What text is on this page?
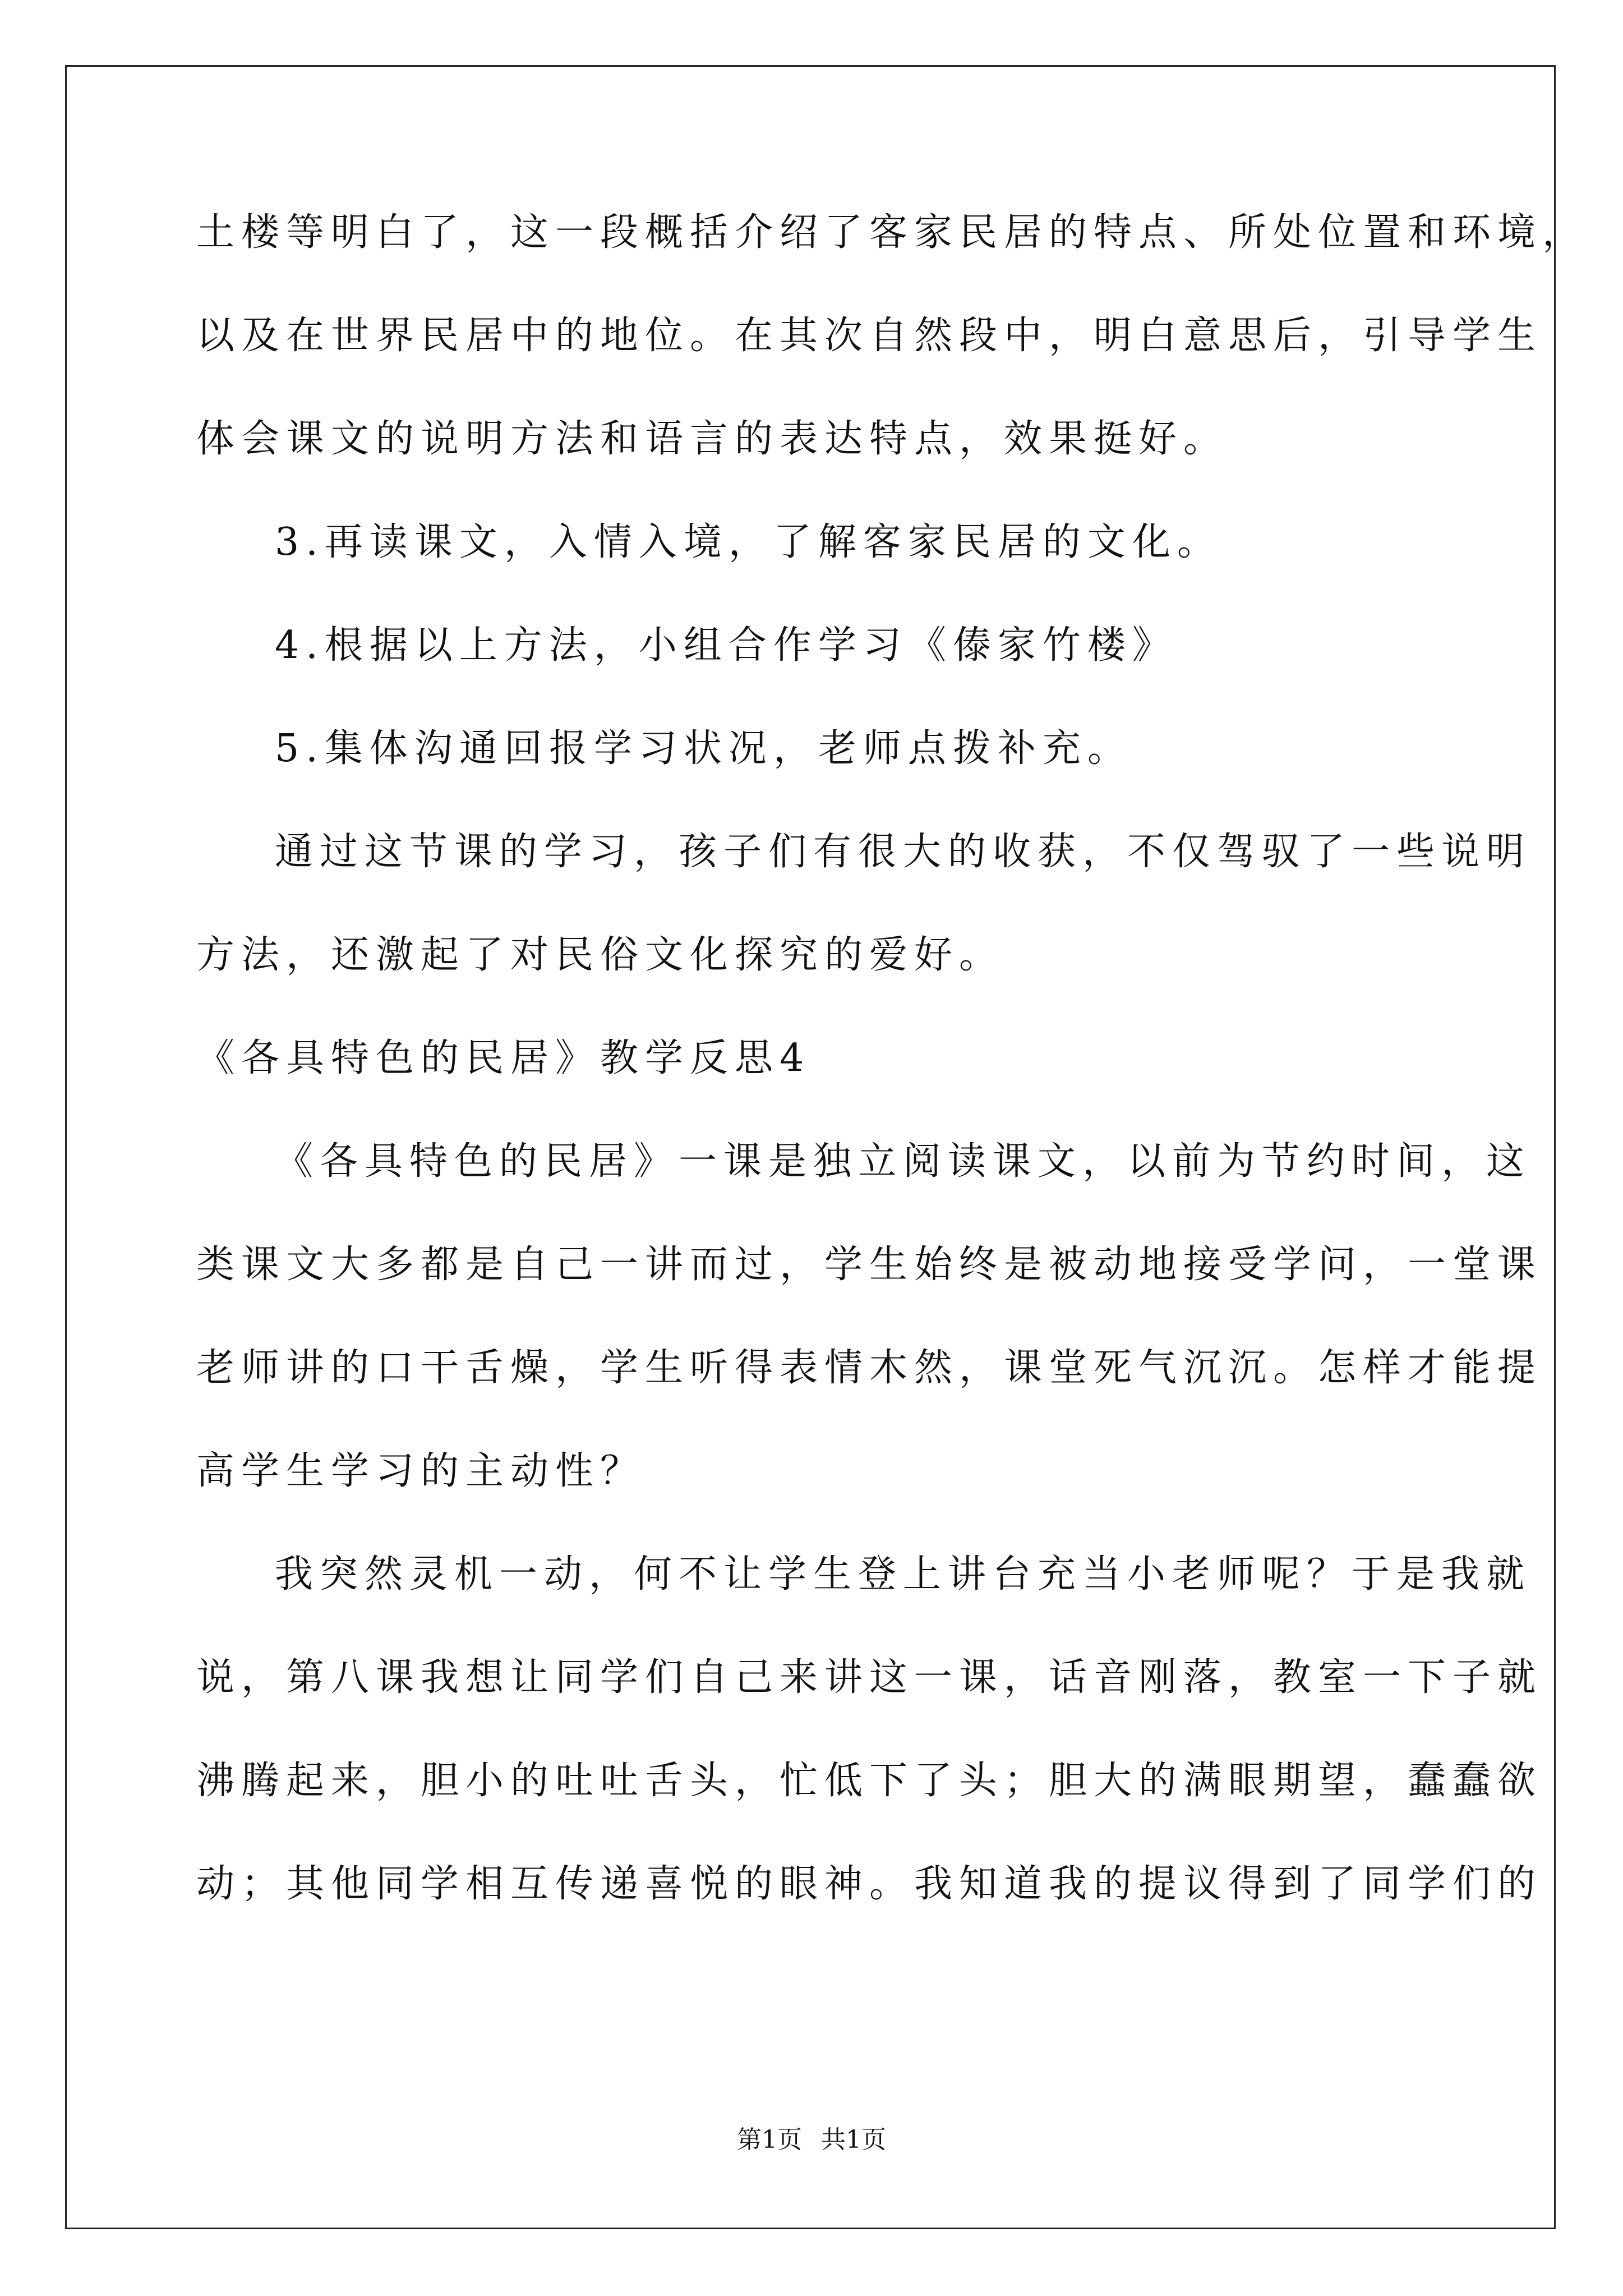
土楼等明白了，这一段概括介绍了客家民居的特点、所处位置和环境，
以及在世界民居中的地位。在其次自然段中，明白意思后，引导学生
体会课文的说明方法和语言的表达特点，效果挺好。
3.再读课文，入情入境，了解客家民居的文化。
4.根据以上方法，小组合作学习《傣家竹楼》
5.集体沟通回报学习状况，老师点拨补充。
通过这节课的学习，孩子们有很大的收获，不仅驾驭了一些说明
方法，还激起了对民俗文化探究的爱好。
《各具特色的民居》教学反思4
《各具特色的民居》一课是独立阅读课文，以前为节约时间，这
类课文大多都是自己一讲而过，学生始终是被动地接受学问，一堂课
老师讲的口干舌燥，学生听得表情木然，课堂死气沉沉。怎样才能提
高学生学习的主动性？
我突然灵机一动，何不让学生登上讲台充当小老师呢？于是我就
说，第八课我想让同学们自己来讲这一课，话音刚落，教室一下子就
沸腾起来，胆小的吐吐舌头，忙低下了头；胆大的满眼期望，蠢蠢欲
动；其他同学相互传递喜悦的眼神。我知道我的提议得到了同学们的
第1页 共1页
